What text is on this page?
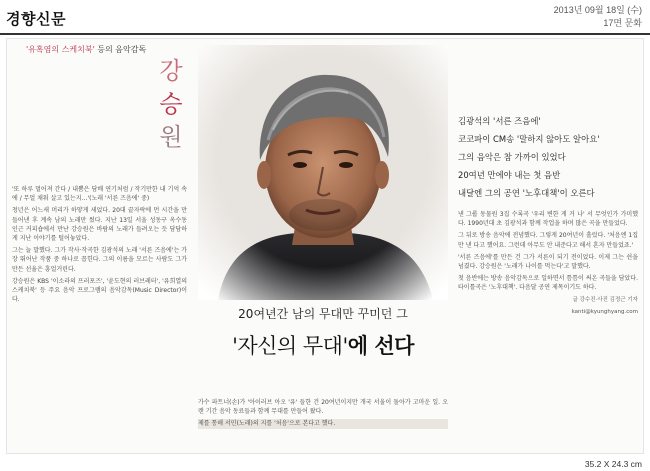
경향신문	2013년 09월 18일 (수)
17면 문화
'유혹염의 스케치북' 등의 음악감독
강
승
원

'또 하루 멀어져 간다 / 내뿜은 담배 연기처럼 / 작기만한 내 기억 속에 / 무얼 채워 살고 있는지…'(노래 '서른 즈음에' 중)

청년은 어느새 머리가 하얗게 세었다. 20대 끝자락에 먼 시간을 만들어낸 후 계속 남의 노래만 썼다. 지난 13일 서울 성동구 옥수동 인근 커피숍에서 만난 강승원은 바람의 노래가 들려오는 듯 담담하게 지난 이야기를 털어놓았다.

그는 늘 말했다. 그가 작사·작곡한 김광석의 노래 '서른 즈음에'는 가장 뛰어난 작품 중 하나로 꼽힌다. 그의 이름을 모르는 사람도 그가 만든 선율은 흥얼거린다.

강승원은 KBS '이소라의 프러포즈', '윤도현의 러브레터', '유희열의 스케치북' 등 주요 음악 프로그램의 음악감독(Music Director)이다.

20여년간 남의 무대만 꾸미던 그
'자신의 무대'에 선다
김광석의 '서른 즈음에'
코코파이 CM송 '말하지 않아도 알아요'
그의 음악은 참 가까이 있었다
20여년 만에야 내는 첫 음반
내달엔 그의 공연 '노후대책'이 오른다

가수 파트너(손)가 '아이러브 아오 '유' 들한 건 20여년이지만 개국 서울이 돌아가 고마운 일. 오랜 기간 음악 동료들과 함께 무대를 만들어 왔다.

제를 통해 서민(노래)의 지를 '처음'으로 본다고 했다.

낸 그룹 동물원 3집 수록곡 '우리 변한 게 거 나' 서 무엇인가 가미했다. 1990년대 초 김광석과 함께 작업을 하며 많은 곡을 만들었다.

그 뒤로 방송 음악에 전념했다. 그렇게 20여년이 흘렀다. '처음엔 1집만 낸 다고 했어요. 그런데 아무도 안 내준다고 해서 혼자 만들었죠.'

'서른 즈음에'를 만든 건 그가 서른이 되기 전이었다. 이제 그는 쉰을 넘겼다. 강승원은 '노래가 나이를 먹는다'고 말했다.

첫 음반에는 방송 음악감독으로 일하면서 틈틈이 써온 곡들을 담았다. 타이틀곡은 '노후대책'. 다음달 공연 제목이기도 하다.

글 강수진·사진 김정근 기자
kanti@kyunghyang.com
35.2 X 24.3 cm
